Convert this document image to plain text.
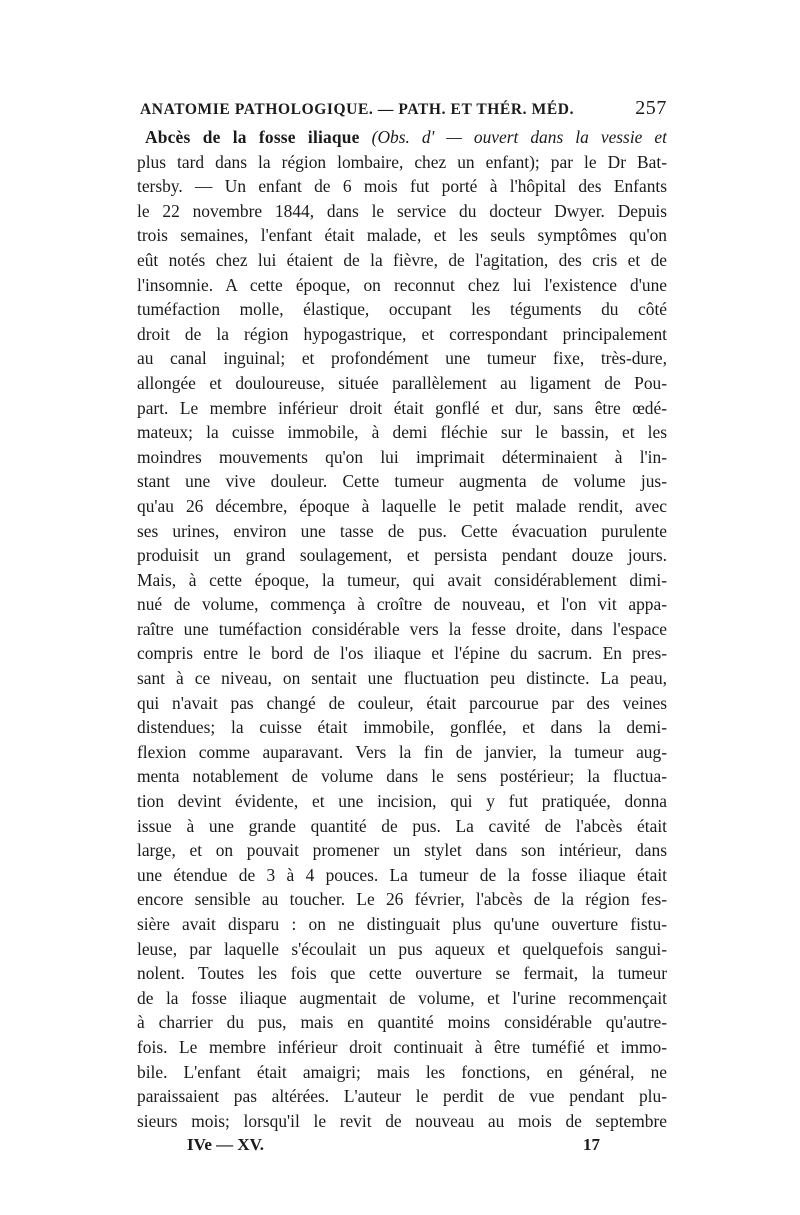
ANATOMIE PATHOLOGIQUE. — PATH. ET THÉR. MÉD.	257
Abcès de la fosse iliaque (Obs. d' — ouvert dans la vessie et
plus tard dans la région lombaire, chez un enfant); par le Dr Bat-
tersby. — Un enfant de 6 mois fut porté à l'hôpital des Enfants
le 22 novembre 1844, dans le service du docteur Dwyer. Depuis
trois semaines, l'enfant était malade, et les seuls symptômes qu'on
eût notés chez lui étaient de la fièvre, de l'agitation, des cris et de
l'insomnie. A cette époque, on reconnut chez lui l'existence d'une
tuméfaction molle, élastique, occupant les téguments du côté
droit de la région hypogastrique, et correspondant principalement
au canal inguinal; et profondément une tumeur fixe, très-dure,
allongée et douloureuse, située parallèlement au ligament de Pou-
part. Le membre inférieur droit était gonflé et dur, sans être œdé-
mateux; la cuisse immobile, à demi fléchie sur le bassin, et les
moindres mouvements qu'on lui imprimait déterminaient à l'in-
stant une vive douleur. Cette tumeur augmenta de volume jus-
qu'au 26 décembre, époque à laquelle le petit malade rendit, avec
ses urines, environ une tasse de pus. Cette évacuation purulente
produisit un grand soulagement, et persista pendant douze jours.
Mais, à cette époque, la tumeur, qui avait considérablement dimi-
nué de volume, commença à croître de nouveau, et l'on vit appa-
raître une tuméfaction considérable vers la fesse droite, dans l'espace
compris entre le bord de l'os iliaque et l'épine du sacrum. En pres-
sant à ce niveau, on sentait une fluctuation peu distincte. La peau,
qui n'avait pas changé de couleur, était parcourue par des veines
distendues; la cuisse était immobile, gonflée, et dans la demi-
flexion comme auparavant. Vers la fin de janvier, la tumeur aug-
menta notablement de volume dans le sens postérieur; la fluctua-
tion devint évidente, et une incision, qui y fut pratiquée, donna
issue à une grande quantité de pus. La cavité de l'abcès était
large, et on pouvait promener un stylet dans son intérieur, dans
une étendue de 3 à 4 pouces. La tumeur de la fosse iliaque était
encore sensible au toucher. Le 26 février, l'abcès de la région fes-
sière avait disparu : on ne distinguait plus qu'une ouverture fistu-
leuse, par laquelle s'écoulait un pus aqueux et quelquefois sangui-
nolent. Toutes les fois que cette ouverture se fermait, la tumeur
de la fosse iliaque augmentait de volume, et l'urine recommençait
à charrier du pus, mais en quantité moins considérable qu'autre-
fois. Le membre inférieur droit continuait à être tuméfié et immo-
bile. L'enfant était amaigri; mais les fonctions, en général, ne
paraissaient pas altérées. L'auteur le perdit de vue pendant plu-
sieurs mois; lorsqu'il le revit de nouveau au mois de septembre
IVe — XV.	17
